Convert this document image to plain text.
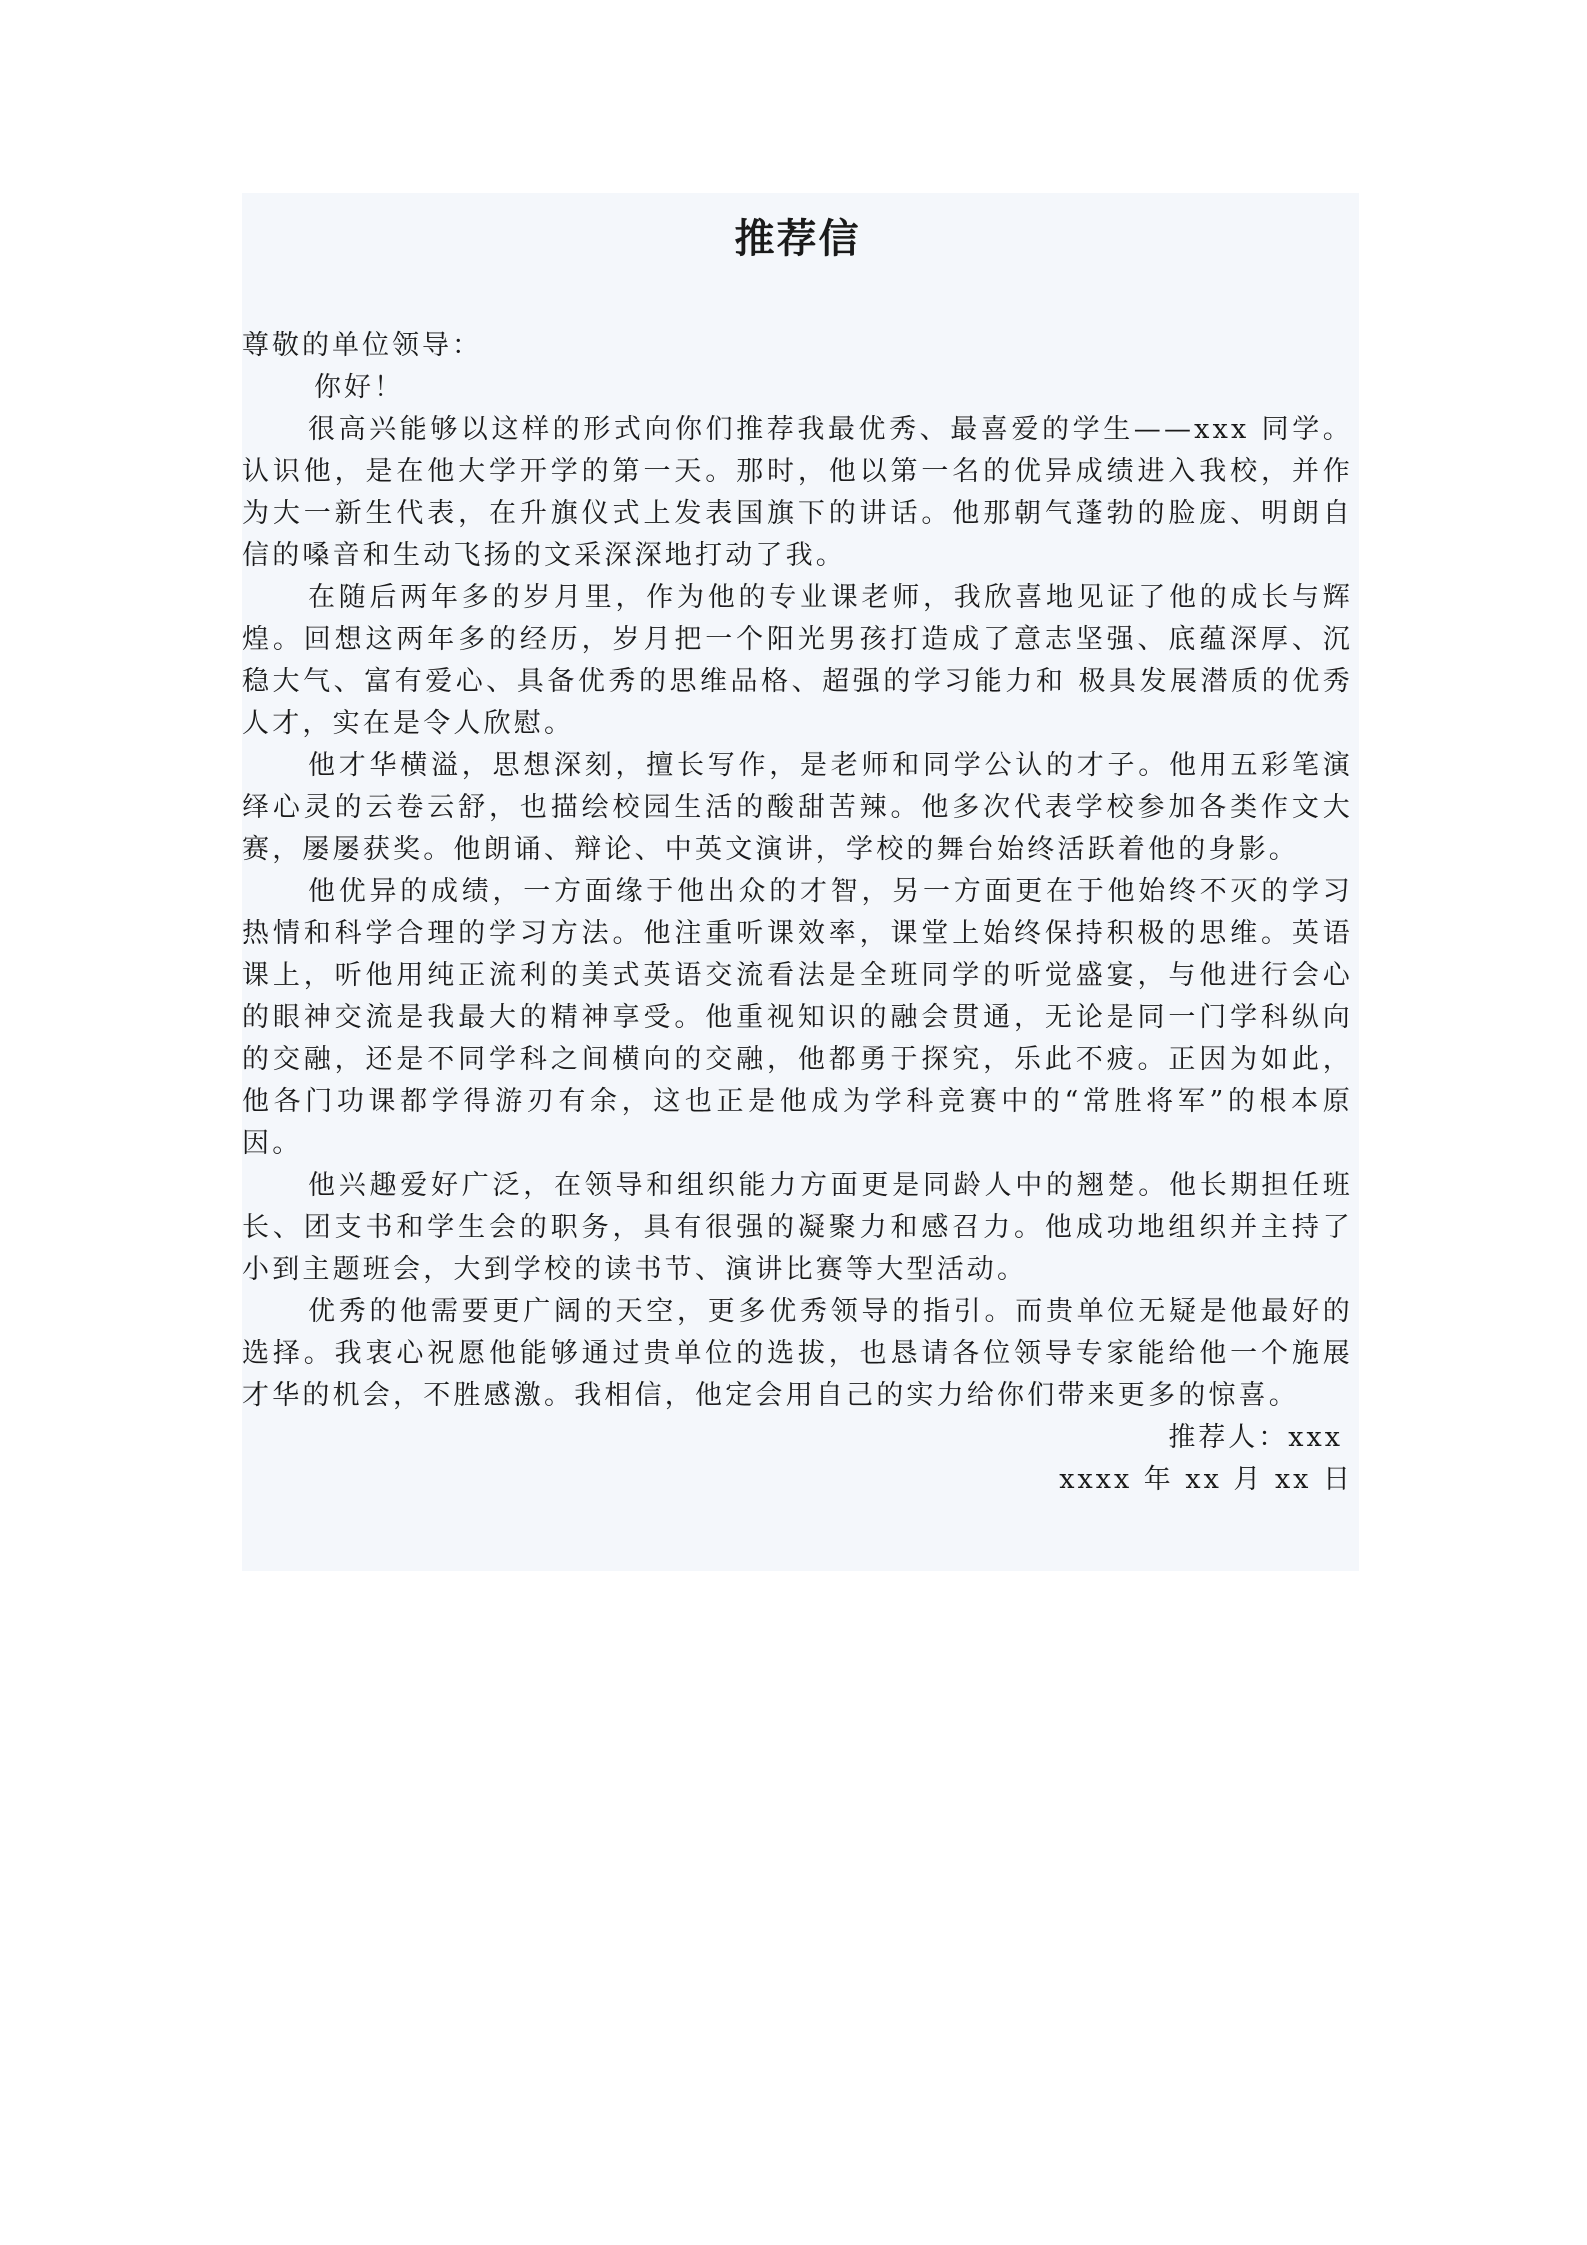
推荐信

尊敬的单位领导：

你好！

很高兴能够以这样的形式向你们推荐我最优秀、最喜爱的学生——xxx 同学。认识他，是在他大学开学的第一天。那时，他以第一名的优异成绩进入我校，并作为大一新生代表，在升旗仪式上发表国旗下的讲话。他那朝气蓬勃的脸庞、明朗自信的嗓音和生动飞扬的文采深深地打动了我。

在随后两年多的岁月里，作为他的专业课老师，我欣喜地见证了他的成长与辉煌。回想这两年多的经历，岁月把一个阳光男孩打造成了意志坚强、底蕴深厚、沉稳大气、富有爱心、具备优秀的思维品格、超强的学习能力和 极具发展潜质的优秀人才，实在是令人欣慰。

他才华横溢，思想深刻，擅长写作，是老师和同学公认的才子。他用五彩笔演绎心灵的云卷云舒，也描绘校园生活的酸甜苦辣。他多次代表学校参加各类作文大赛，屡屡获奖。他朗诵、辩论、中英文演讲，学校的舞台始终活跃着他的身影。

他优异的成绩，一方面缘于他出众的才智，另一方面更在于他始终不灭的学习热情和科学合理的学习方法。他注重听课效率，课堂上始终保持积极的思维。英语课上，听他用纯正流利的美式英语交流看法是全班同学的听觉盛宴，与他进行会心的眼神交流是我最大的精神享受。他重视知识的融会贯通，无论是同一门学科纵向的交融，还是不同学科之间横向的交融，他都勇于探究，乐此不疲。正因为如此，他各门功课都学得游刃有余，这也正是他成为学科竞赛中的“常胜将军”的根本原因。

他兴趣爱好广泛，在领导和组织能力方面更是同龄人中的翘楚。他长期担任班长、团支书和学生会的职务，具有很强的凝聚力和感召力。他成功地组织并主持了小到主题班会，大到学校的读书节、演讲比赛等大型活动。

优秀的他需要更广阔的天空，更多优秀领导的指引。而贵单位无疑是他最好的选择。我衷心祝愿他能够通过贵单位的选拔，也恳请各位领导专家能给他一个施展才华的机会，不胜感激。我相信，他定会用自己的实力给你们带来更多的惊喜。

推荐人：xxx

xxxx 年 xx 月 xx 日
